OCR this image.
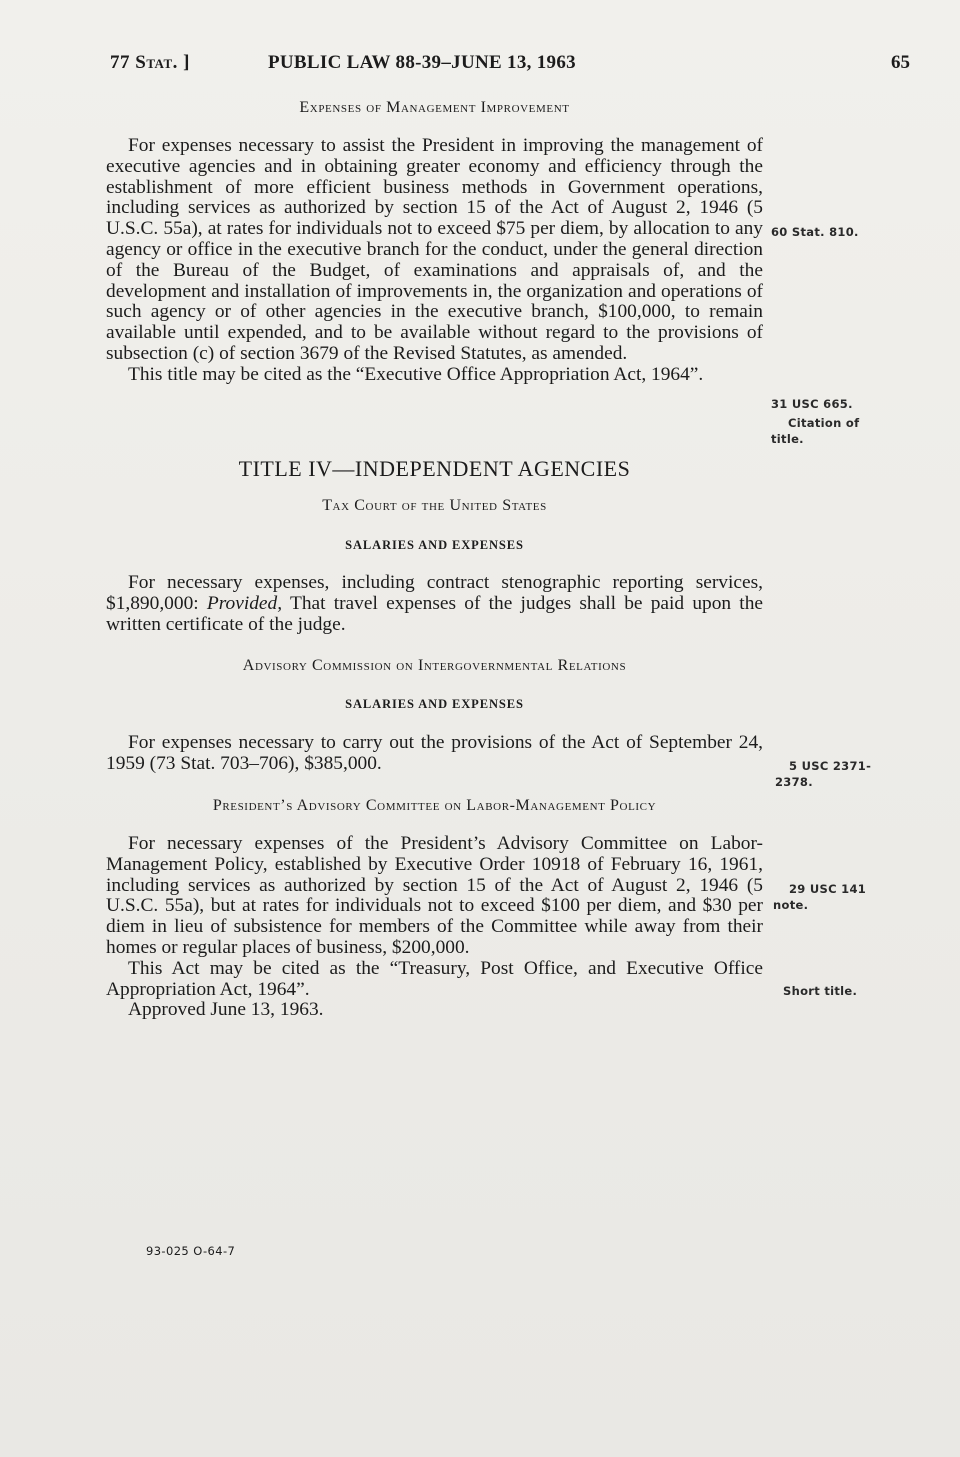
77 Stat. ]	PUBLIC LAW 88-39–JUNE 13, 1963	65
Expenses of Management Improvement

For expenses necessary to assist the President in improving the management of executive agencies and in obtaining greater economy and efficiency through the establishment of more efficient business methods in Government operations, including services as authorized by section 15 of the Act of August 2, 1946 (5 U.S.C. 55a), at rates for individuals not to exceed $75 per diem, by allocation to any agency or office in the executive branch for the conduct, under the general direction of the Bureau of the Budget, of examinations and appraisals of, and the development and installation of improvements in, the organization and operations of such agency or of other agencies in the executive branch, $100,000, to remain available until expended, and to be available without regard to the provisions of subsection (c) of section 3679 of the Revised Statutes, as amended.

This title may be cited as the “Executive Office Appropriation Act, 1964”.

TITLE IV—INDEPENDENT AGENCIES
Tax Court of the United States
SALARIES AND EXPENSES

For necessary expenses, including contract stenographic reporting services, $1,890,000: Provided, That travel expenses of the judges shall be paid upon the written certificate of the judge.

Advisory Commission on Intergovernmental Relations
SALARIES AND EXPENSES

For expenses necessary to carry out the provisions of the Act of September 24, 1959 (73 Stat. 703–706), $385,000.

President’s Advisory Committee on Labor-Management Policy

For necessary expenses of the President’s Advisory Committee on Labor-Management Policy, established by Executive Order 10918 of February 16, 1961, including services as authorized by section 15 of the Act of August 2, 1946 (5 U.S.C. 55a), but at rates for individuals not to exceed $100 per diem, and $30 per diem in lieu of subsistence for members of the Committee while away from their homes or regular places of business, $200,000.

This Act may be cited as the “Treasury, Post Office, and Executive Office Appropriation Act, 1964”.

Approved June 13, 1963.
60 Stat. 810.
31 USC 665.
Citation of
title.
5 USC 2371-
2378.
29 USC 141
note.
Short title.
93-025 O-64-7
